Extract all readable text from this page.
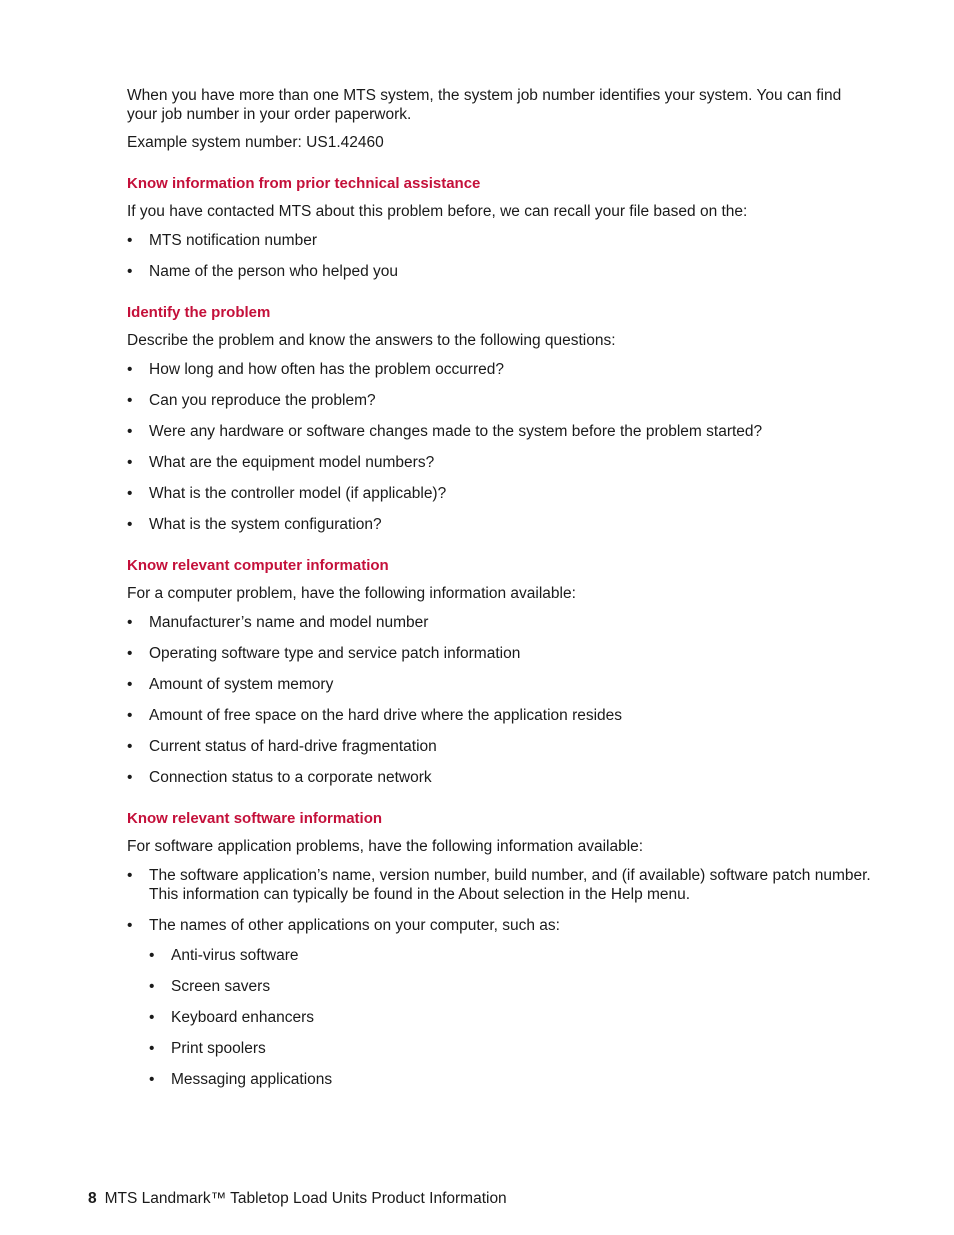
When you have more than one MTS system, the system job number identifies your system. You can find your job number in your order paperwork.

Example system number: US1.42460

Know information from prior technical assistance

If you have contacted MTS about this problem before, we can recall your file based on the:

• MTS notification number
• Name of the person who helped you

Identify the problem

Describe the problem and know the answers to the following questions:

• How long and how often has the problem occurred?
• Can you reproduce the problem?
• Were any hardware or software changes made to the system before the problem started?
• What are the equipment model numbers?
• What is the controller model (if applicable)?
• What is the system configuration?

Know relevant computer information

For a computer problem, have the following information available:

• Manufacturer’s name and model number
• Operating software type and service patch information
• Amount of system memory
• Amount of free space on the hard drive where the application resides
• Current status of hard-drive fragmentation
• Connection status to a corporate network

Know relevant software information

For software application problems, have the following information available:

• The software application’s name, version number, build number, and (if available) software patch number. This information can typically be found in the About selection in the Help menu.
• The names of other applications on your computer, such as:
• Anti-virus software
• Screen savers
• Keyboard enhancers
• Print spoolers
• Messaging applications
8 MTS Landmark™ Tabletop Load Units Product Information
